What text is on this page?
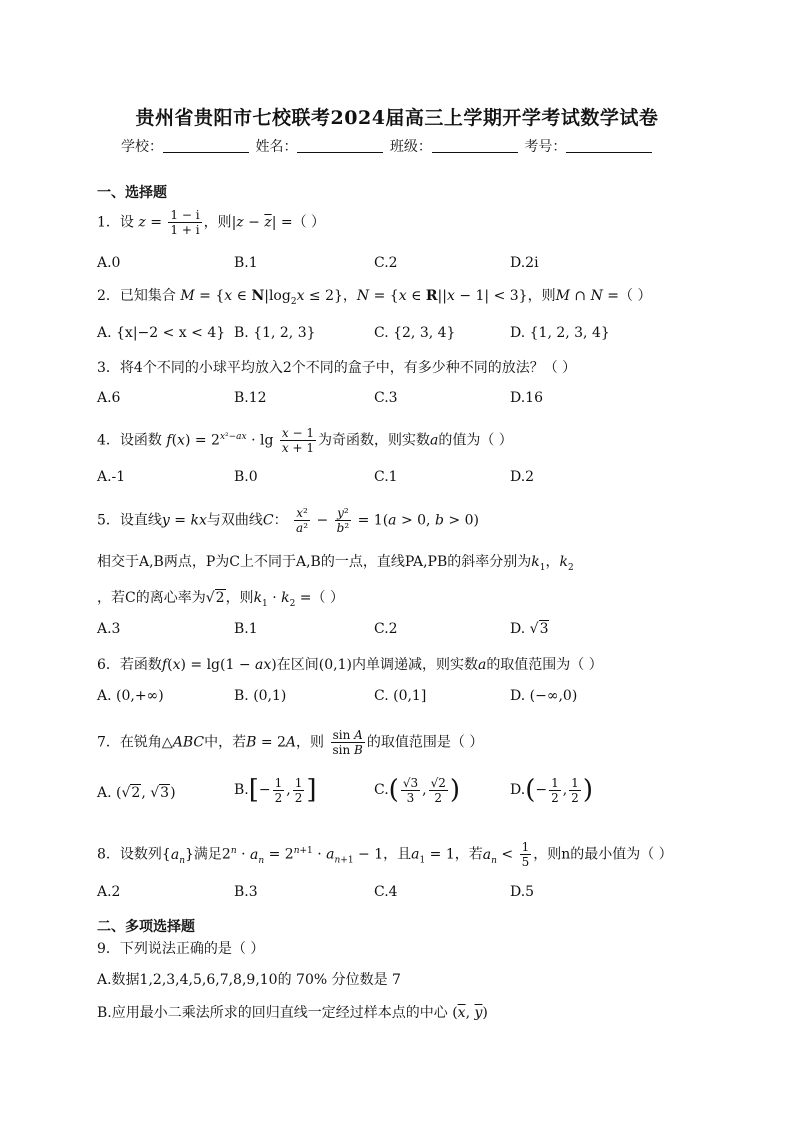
贵州省贵阳市七校联考2024届高三上学期开学考试数学试卷
学校：	姓名：	班级：	考号：
一、选择题
1．设 $z = \frac{1 - i}{1 + i}$ ，则$|z - \overline{z}|$ =（ ）
A.0	B.1	C.2	D.2i
2．已知集合 M = {x ∈ $N|\log_2x \le 2$}，N = {x ∈ R||x − 1| < 3}，则M ∩ N =（ ）
A. {x|−2 < x < 4} B. {1, 2, 3}	C. {2, 3, 4}	D. {1, 2, 3, 4}
3．将4个不同的小球平均放入2个不同的盒子中，有多少种不同的放法？（ ）
A.6	B.12	C.3	D.16
4．设函数 $f(x) = 2^{x^2-ax} \cdot \lg \frac{x - 1}{x + 1}$ 为奇函数，则实数a的值为（ ）
A.-1	B.0	C.1	D.2
5．设直线y = kx与双曲线C： $\frac{\text{x²}}{\text{a²}} - \frac{\text{y²}}{\text{b²}} = 1(a > 0$, b > 0)
相交于A,B两点，P为C上不同于A,B的一点，直线PA,PB的斜率分别为$k_1$，$k_2$
，若C的离心率为√2，则$k_1 \cdot k_2$ =（ ）
A.3	B.1	C.2	D. √3
6．若函数f(x) = lg(1 − ax)在区间(0,1)内单调递减，则实数a的取值范围为（ ）
A. (0,+∞)	B. (0,1)	C. (0,1]	D. (−∞,0)
7．在锐角△ABC中，若B = 2A，则 $\frac{\text{sin A}}{\text{sin B}}$ 的取值范围是（ ）
A. (√2, √3)	$B.[- \frac{1}{2}$ , $\frac{1}{2}$ ]	$C.( \frac{√3}{3}$ , $\frac{√2}{2}$ )	$D.(- \frac{1}{2}$ , $\frac{1}{2}$ )
8．设数列$\{a_n\}$满足$2^n \cdot a_n = 2^{n+1} \cdot a_{n+1} - 1$，且$a_1 = 1$，若$a_n < \frac{1}{5}$ ，则n的最小值为（ ）
A.2	B.3	C.4	D.5
二、多项选择题
9．下列说法正确的是（ ）
A.数据1,2,3,4,5,6,7,8,9,10的 70% 分位数是 7
B.应用最小二乘法所求的回归直线一定经过样本点的中心 ($\overline{x}$, $\overline{y}$)
